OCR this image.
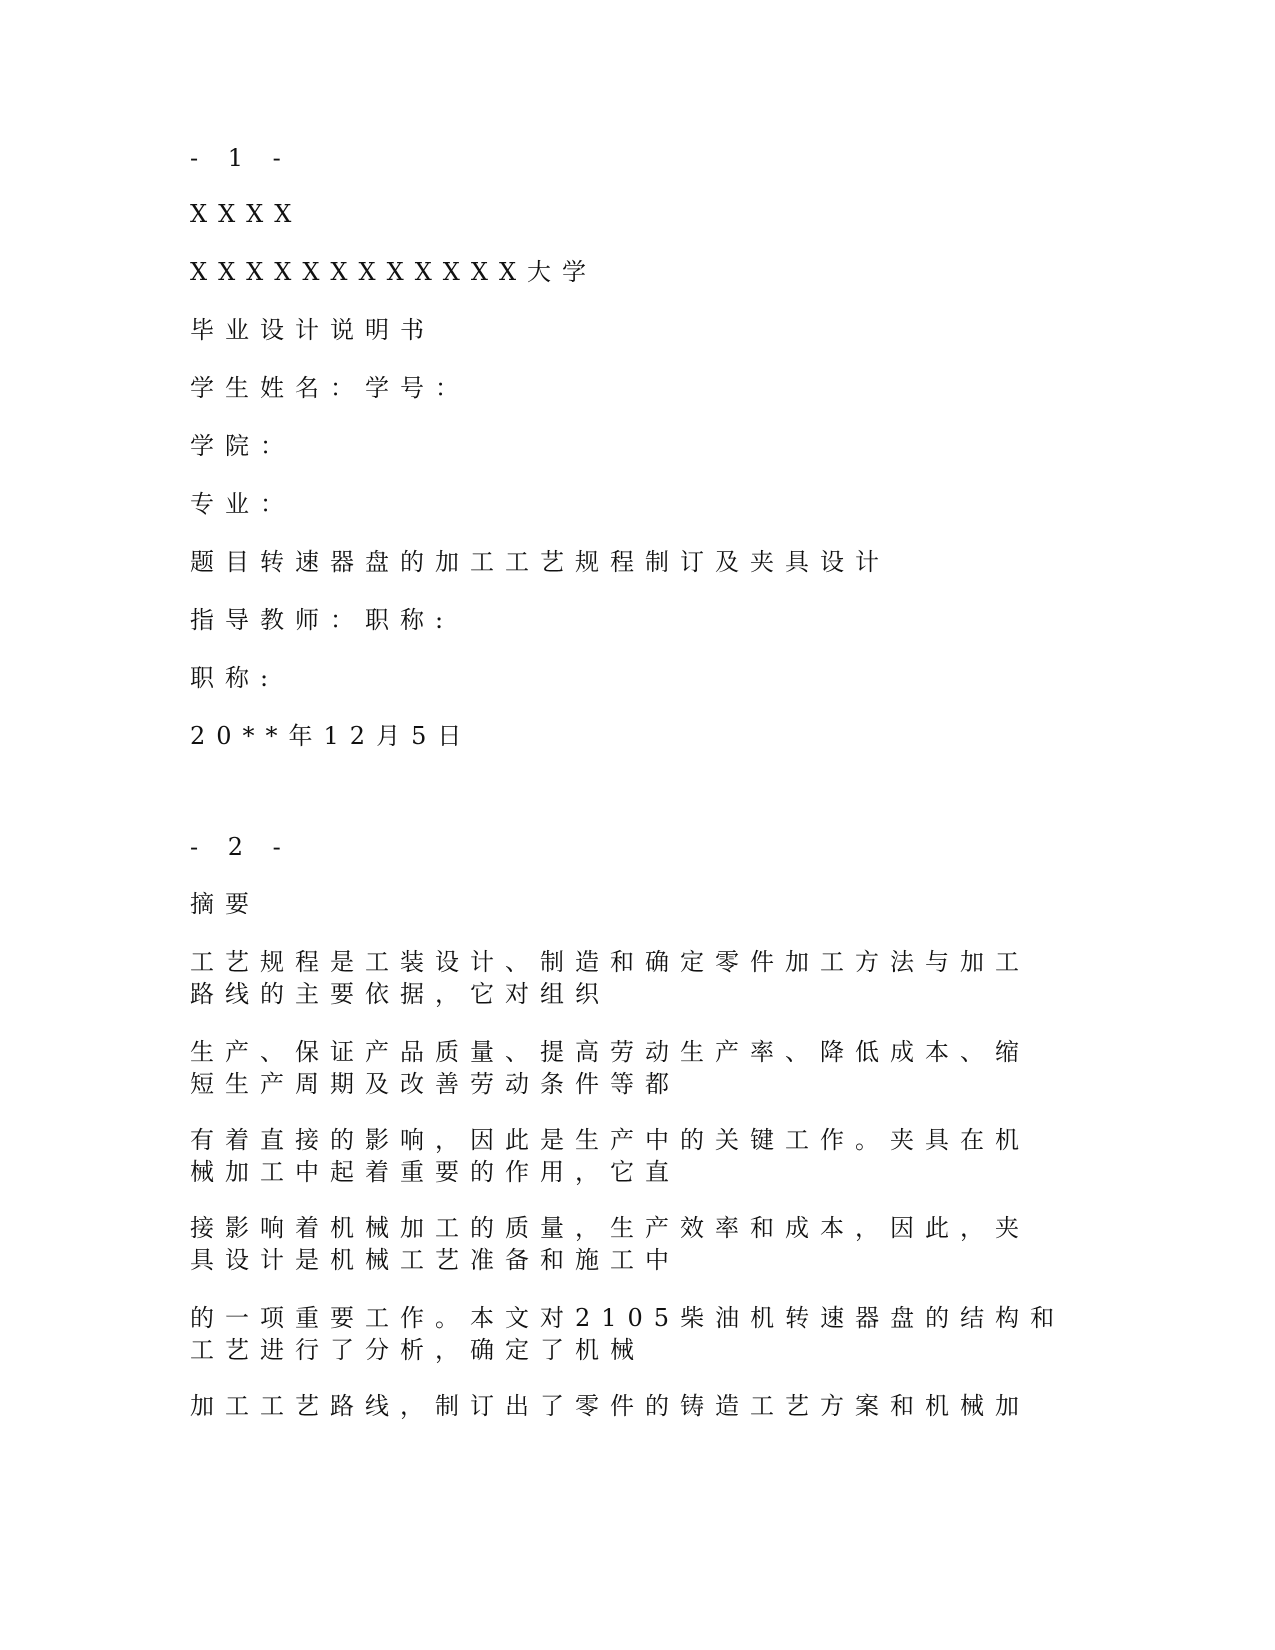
- 1 -

XXXX

XXXXXXXXXXXX大学

毕业设计说明书

学生姓名：学号：

学院：

专业：

题目转速器盘的加工工艺规程制订及夹具设计

指导教师：职称:

职称:

20**年12月5日

- 2 -

摘要

工艺规程是工装设计、制造和确定零件加工方法与加工
路线的主要依据，它对组织
生产、保证产品质量、提高劳动生产率、降低成本、缩
短生产周期及改善劳动条件等都
有着直接的影响，因此是生产中的关键工作。夹具在机
械加工中起着重要的作用，它直
接影响着机械加工的质量，生产效率和成本，因此，夹
具设计是机械工艺准备和施工中
的一项重要工作。本文对2105柴油机转速器盘的结构和
工艺进行了分析，确定了机械
加工工艺路线，制订出了零件的铸造工艺方案和机械加
